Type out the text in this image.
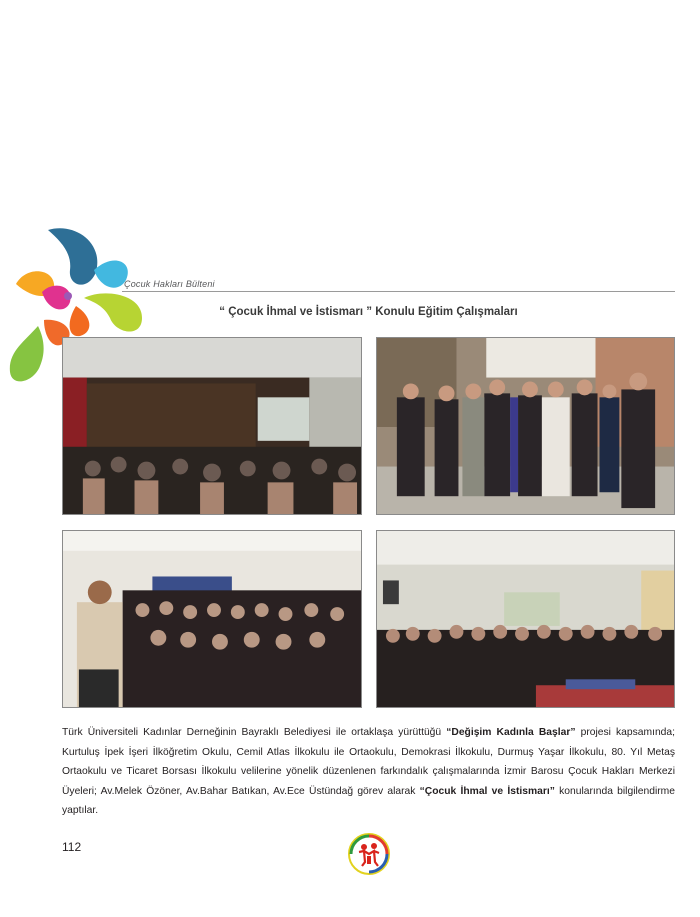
Çocuk Hakları Bülteni
“ Çocuk İhmal ve İstismarı ” Konulu Eğitim Çalışmaları
Türk Üniversiteli Kadınlar Derneğinin Bayraklı Belediyesi ile ortaklaşa yürüttüğü “Değişim Kadınla Başlar” projesi kapsamında; Kurtuluş İpek İşeri İlköğretim Okulu, Cemil Atlas İlkokulu ile Ortaokulu, Demokrasi İlkokulu, Durmuş Yaşar İlkokulu, 80. Yıl Metaş Ortaokulu ve Ticaret Borsası İlkokulu velilerine yönelik düzenlenen farkındalık çalışmalarında İzmir Barosu Çocuk Hakları Merkezi Üyeleri; Av.Melek Özöner, Av.Bahar Batıkan, Av.Ece Üstündağ görev alarak “Çocuk İhmal ve İstismarı” konularında bilgilendirme yaptılar.
112
